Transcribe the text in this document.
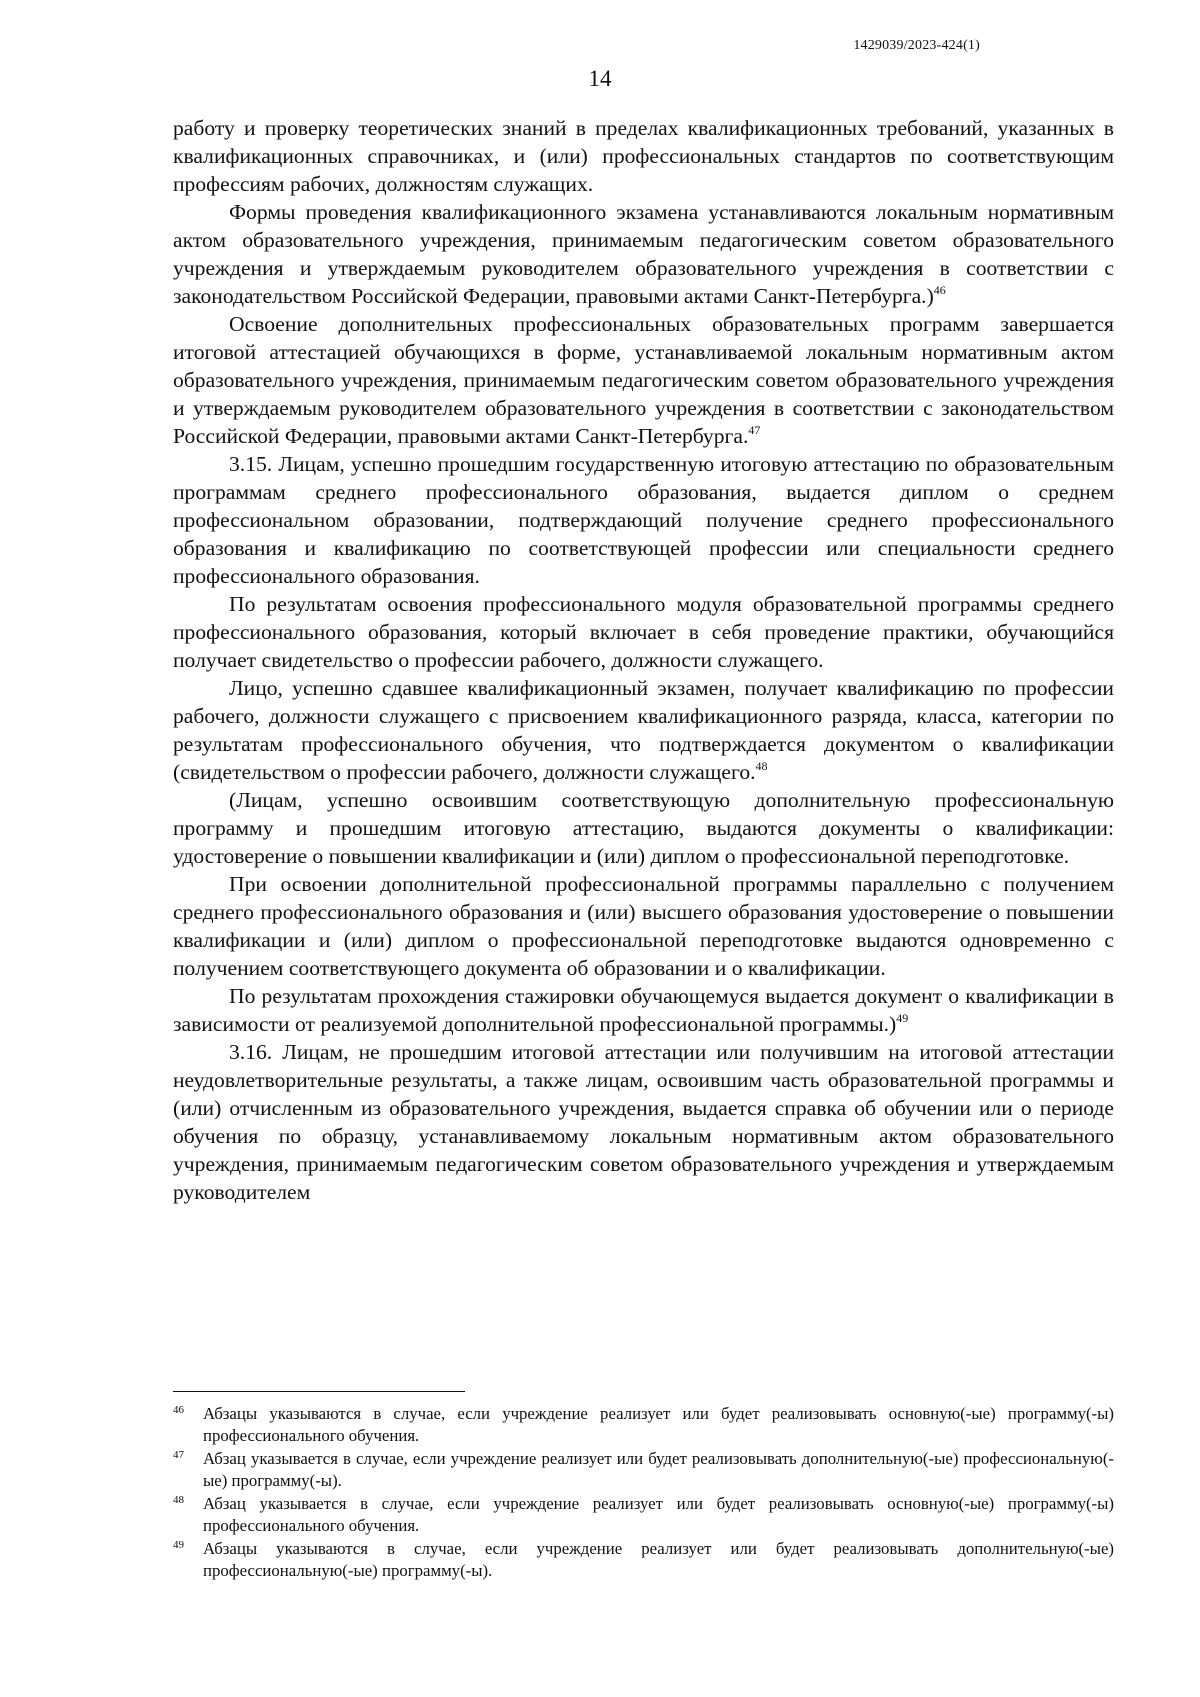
1429039/2023-424(1)
14

работу и проверку теоретических знаний в пределах квалификационных требований, указанных в квалификационных справочниках, и (или) профессиональных стандартов по соответствующим профессиям рабочих, должностям служащих.

Формы проведения квалификационного экзамена устанавливаются локальным нормативным актом образовательного учреждения, принимаемым педагогическим советом образовательного учреждения и утверждаемым руководителем образовательного учреждения в соответствии с законодательством Российской Федерации, правовыми актами Санкт-Петербурга.)$^{46}$

Освоение дополнительных профессиональных образовательных программ завершается итоговой аттестацией обучающихся в форме, устанавливаемой локальным нормативным актом образовательного учреждения, принимаемым педагогическим советом образовательного учреждения и утверждаемым руководителем образовательного учреждения в соответствии с законодательством Российской Федерации, правовыми актами Санкт-Петербурга.$^{47}$

3.15. Лицам, успешно прошедшим государственную итоговую аттестацию по образовательным программам среднего профессионального образования, выдается диплом о среднем профессиональном образовании, подтверждающий получение среднего профессионального образования и квалификацию по соответствующей профессии или специальности среднего профессионального образования.

По результатам освоения профессионального модуля образовательной программы среднего профессионального образования, который включает в себя проведение практики, обучающийся получает свидетельство о профессии рабочего, должности служащего.

Лицо, успешно сдавшее квалификационный экзамен, получает квалификацию по профессии рабочего, должности служащего с присвоением квалификационного разряда, класса, категории по результатам профессионального обучения, что подтверждается документом о квалификации (свидетельством о профессии рабочего, должности служащего.$^{48}$

(Лицам, успешно освоившим соответствующую дополнительную профессиональную программу и прошедшим итоговую аттестацию, выдаются документы о квалификации: удостоверение о повышении квалификации и (или) диплом о профессиональной переподготовке.

При освоении дополнительной профессиональной программы параллельно с получением среднего профессионального образования и (или) высшего образования удостоверение о повышении квалификации и (или) диплом о профессиональной переподготовке выдаются одновременно с получением соответствующего документа об образовании и о квалификации.

По результатам прохождения стажировки обучающемуся выдается документ о квалификации в зависимости от реализуемой дополнительной профессиональной программы.)$^{49}$

3.16. Лицам, не прошедшим итоговой аттестации или получившим на итоговой аттестации неудовлетворительные результаты, а также лицам, освоившим часть образовательной программы и (или) отчисленным из образовательного учреждения, выдается справка об обучении или о периоде обучения по образцу, устанавливаемому локальным нормативным актом образовательного учреждения, принимаемым педагогическим советом образовательного учреждения и утверждаемым руководителем

46 Абзацы указываются в случае, если учреждение реализует или будет реализовывать основную(-ые) программу(-ы) профессионального обучения.
47 Абзац указывается в случае, если учреждение реализует или будет реализовывать дополнительную(-ые) профессиональную(-ые) программу(-ы).
48 Абзац указывается в случае, если учреждение реализует или будет реализовывать основную(-ые) программу(-ы) профессионального обучения.
49 Абзацы указываются в случае, если учреждение реализует или будет реализовывать дополнительную(-ые) профессиональную(-ые) программу(-ы).
